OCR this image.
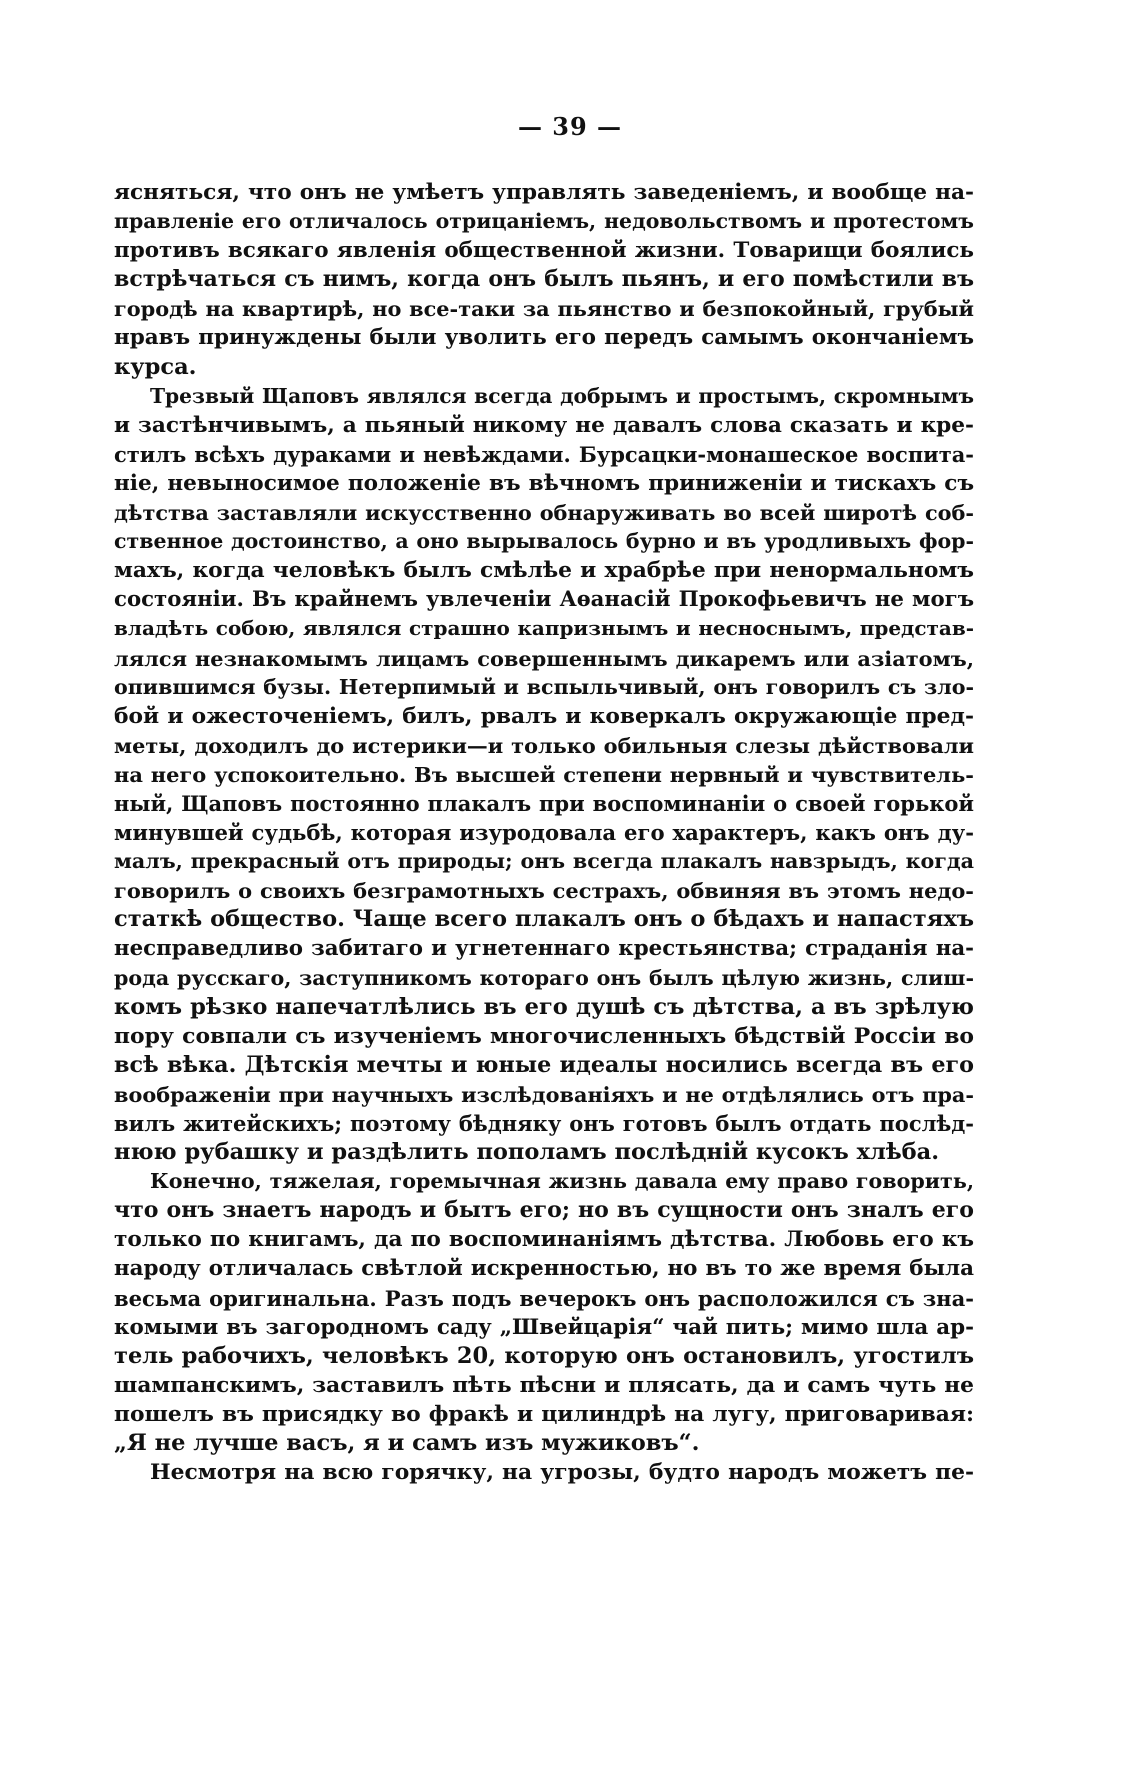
— 39 —
ясняться, что онъ не умѣетъ управлять заведеніемъ, и вообще на-
правленіе его отличалось отрицаніемъ, недовольствомъ и протестомъ
противъ всякаго явленія общественной жизни. Товарищи боялись
встрѣчаться съ нимъ, когда онъ былъ пьянъ, и его помѣстили въ
городѣ на квартирѣ, но все-таки за пьянство и безпокойный, грубый
нравъ принуждены были уволить его передъ самымъ окончаніемъ
курса.
Трезвый Щаповъ являлся всегда добрымъ и простымъ, скромнымъ
и застѣнчивымъ, а пьяный никому не давалъ слова сказать и кре-
стилъ всѣхъ дураками и невѣждами. Бурсацки-монашеское воспита-
ніе, невыносимое положеніе въ вѣчномъ приниженіи и тискахъ съ
дѣтства заставляли искусственно обнаруживать во всей широтѣ соб-
ственное достоинство, а оно вырывалось бурно и въ уродливыхъ фор-
махъ, когда человѣкъ былъ смѣлѣе и храбрѣе при ненормальномъ
состояніи. Въ крайнемъ увлеченіи Аѳанасій Прокофьевичъ не могъ
владѣть собою, являлся страшно капризнымъ и несноснымъ, представ-
лялся незнакомымъ лицамъ совершеннымъ дикаремъ или азіатомъ,
опившимся бузы. Нетерпимый и вспыльчивый, онъ говорилъ съ зло-
бой и ожесточеніемъ, билъ, рвалъ и коверкалъ окружающіе пред-
меты, доходилъ до истерики—и только обильныя слезы дѣйствовали
на него успокоительно. Въ высшей степени нервный и чувствитель-
ный, Щаповъ постоянно плакалъ при воспоминаніи о своей горькой
минувшей судьбѣ, которая изуродовала его характеръ, какъ онъ ду-
малъ, прекрасный отъ природы; онъ всегда плакалъ навзрыдъ, когда
говорилъ о своихъ безграмотныхъ сестрахъ, обвиняя въ этомъ недо-
статкѣ общество. Чаще всего плакалъ онъ о бѣдахъ и напастяхъ
несправедливо забитаго и угнетеннаго крестьянства; страданія на-
рода русскаго, заступникомъ котораго онъ былъ цѣлую жизнь, слиш-
комъ рѣзко напечатлѣлись въ его душѣ съ дѣтства, а въ зрѣлую
пору совпали съ изученіемъ многочисленныхъ бѣдствій Россіи во
всѣ вѣка. Дѣтскія мечты и юные идеалы носились всегда въ его
воображеніи при научныхъ изслѣдованіяхъ и не отдѣлялись отъ пра-
вилъ житейскихъ; поэтому бѣдняку онъ готовъ былъ отдать послѣд-
нюю рубашку и раздѣлить пополамъ послѣдній кусокъ хлѣба.
Конечно, тяжелая, горемычная жизнь давала ему право говорить,
что онъ знаетъ народъ и бытъ его; но въ сущности онъ зналъ его
только по книгамъ, да по воспоминаніямъ дѣтства. Любовь его къ
народу отличалась свѣтлой искренностью, но въ то же время была
весьма оригинальна. Разъ подъ вечерокъ онъ расположился съ зна-
комыми въ загородномъ саду „Швейцарія“ чай пить; мимо шла ар-
тель рабочихъ, человѣкъ 20, которую онъ остановилъ, угостилъ
шампанскимъ, заставилъ пѣть пѣсни и плясать, да и самъ чуть не
пошелъ въ присядку во фракѣ и цилиндрѣ на лугу, приговаривая:
„Я не лучше васъ, я и самъ изъ мужиковъ“.
Несмотря на всю горячку, на угрозы, будто народъ можетъ пе-
